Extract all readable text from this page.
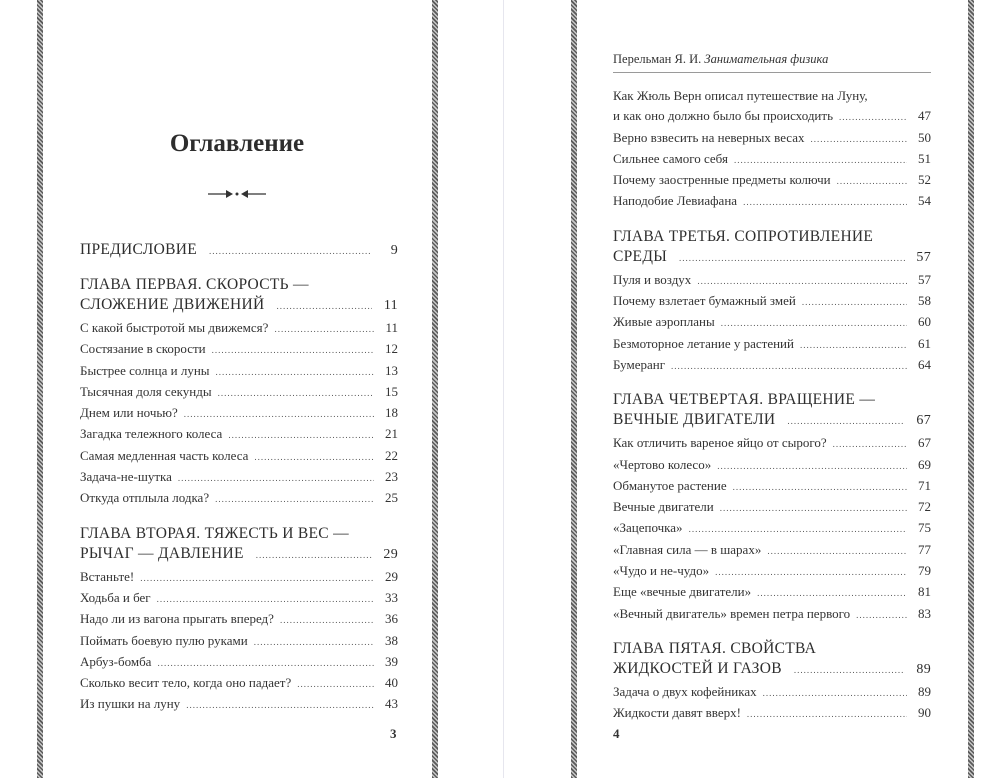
Оглавление
ПРЕДИСЛОВИЕ .....	9
ГЛАВА ПЕРВАЯ. СКОРОСТЬ —
СЛОЖЕНИЕ ДВИЖЕНИЙ .....	11
С какой быстротой мы движемся? .....	11
Состязание в скорости .....	12
Быстрее солнца и луны .....	13
Тысячная доля секунды .....	15
Днем или ночью? .....	18
Загадка тележного колеса .....	21
Самая медленная часть колеса .....	22
Задача-не-шутка .....	23
Откуда отплыла лодка? .....	25
ГЛАВА ВТОРАЯ. ТЯЖЕСТЬ И ВЕС —
РЫЧАГ — ДАВЛЕНИЕ .....	29
Встаньте! .....	29
Ходьба и бег .....	33
Надо ли из вагона прыгать вперед? .....	36
Поймать боевую пулю руками .....	38
Арбуз-бомба .....	39
Сколько весит тело, когда оно падает? .....	40
Из пушки на луну .....	43
3
Перельман Я. И. Занимательная физика
Как Жюль Верн описал путешествие на Луну,
и как оно должно было бы происходить .....	47
Верно взвесить на неверных весах .....	50
Сильнее самого себя .....	51
Почему заостренные предметы колючи .....	52
Наподобие Левиафана .....	54
ГЛАВА ТРЕТЬЯ. СОПРОТИВЛЕНИЕ
СРЕДЫ .....	57
Пуля и воздух .....	57
Почему взлетает бумажный змей .....	58
Живые аэропланы .....	60
Безмоторное летание у растений .....	61
Бумеранг .....	64
ГЛАВА ЧЕТВЕРТАЯ. ВРАЩЕНИЕ —
ВЕЧНЫЕ ДВИГАТЕЛИ .....	67
Как отличить вареное яйцо от сырого? .....	67
«Чертово колесо» .....	69
Обманутое растение .....	71
Вечные двигатели .....	72
«Зацепочка» .....	75
«Главная сила — в шарах» .....	77
«Чудо и не-чудо» .....	79
Еще «вечные двигатели» .....	81
«Вечный двигатель» времен петра первого .....	83
ГЛАВА ПЯТАЯ. СВОЙСТВА
ЖИДКОСТЕЙ И ГАЗОВ .....	89
Задача о двух кофейниках .....	89
Жидкости давят вверх! .....	90
4
